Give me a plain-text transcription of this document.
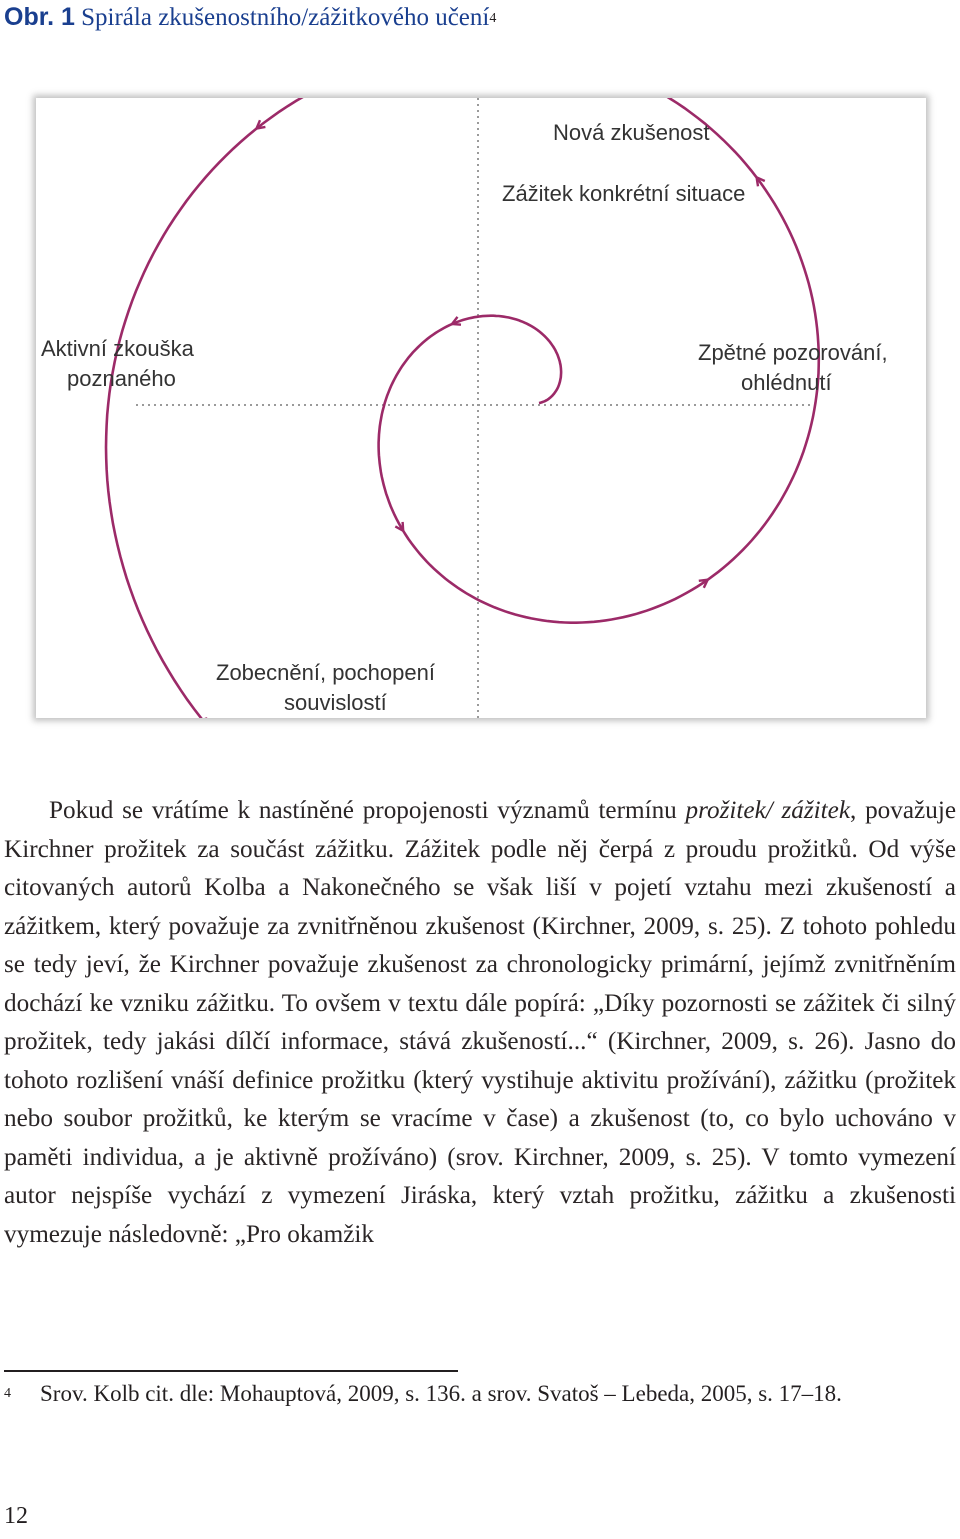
Obr. 1 Spirála zkušenostního/zážitkového učení$^4$
Nová zkušenost
Zážitek konkrétní situace
Aktivní zkouška
poznaného
Zpětné pozorování,
ohlédnutí
Zobecnění, pochopení
souvislostí

Pokud se vrátíme k nastíněné propojenosti významů termínu prožitek/ zážitek, považuje Kirchner prožitek za součást zážitku. Zážitek podle něj čerpá z proudu prožitků. Od výše citovaných autorů Kolba a Nakonečného se však liší v pojetí vztahu mezi zkušeností a zážitkem, který považuje za zvnitřněnou zkušenost (Kirchner, 2009, s. 25). Z tohoto pohledu se tedy jeví, že Kirchner považuje zkušenost za chronologicky primární, jejímž zvnitřněním dochází ke vzniku zážitku. To ovšem v textu dále popírá: „Díky pozornosti se zážitek či silný prožitek, tedy jakási dílčí informace, stává zkušeností...“ (Kirchner, 2009, s. 26). Jasno do tohoto rozlišení vnáší definice prožitku (který vystihuje aktivitu prožívání), zážitku (prožitek nebo soubor prožitků, ke kterým se vracíme v čase) a zkušenost (to, co bylo uchováno v paměti individua, a je aktivně prožíváno) (srov. Kirchner, 2009, s. 25). V tomto vymezení autor nejspíše vychází z vymezení Jiráska, který vztah prožitku, zážitku a zkušenosti vymezuje následovně: „Pro okamžik

4 Srov. Kolb cit. dle: Mohauptová, 2009, s. 136. a srov. Svatoš – Lebeda, 2005, s. 17–18.
12
